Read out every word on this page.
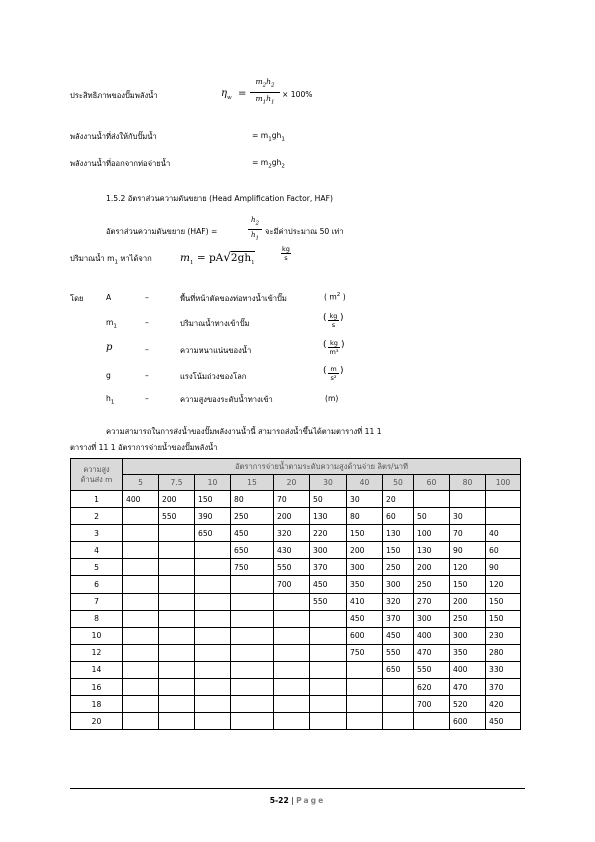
ประสิทธิภาพของปั๊มพลังน้ำ	$\eta_w$ =
$m_2h_2$
$m_1h_1$
× 100%
พลังงานน้ำที่ส่งให้กับปั๊มน้ำ	= $m_1gh_1$
พลังงานน้ำที่ออกจากท่อจ่ายน้ำ	= $m_2gh_2$
1.5.2 อัตราส่วนความดันขยาย (Head Amplification Factor, HAF)
อัตราส่วนความดันขยาย (HAF) =
$h_2$
$h_1$
จะมีค่าประมาณ 50 เท่า
ปริมาณน้ำ $m_1$ หาได้จาก	$m_1 = pA√2gh_1$
kg
s
โดย	A	–	พื้นที่หน้าตัดของท่อทางน้ำเข้าปั๊ม	( $m^2$ )
$m_1$	–	ปริมาณน้ำทางเข้าปั๊ม
( kg
s
)
p	–	ความหนาแน่นของน้ำ
( kg
m³
)
g	–	แรงโน้มถ่วงของโลก
( m
s²
)
$h_1$	–	ความสูงของระดับน้ำทางเข้า	(m)
ความสามารถในการส่งน้ำของปั๊มพลังงานน้ำนี้ สามารถส่งน้ำขึ้นได้ตามตารางที่ 11 1
ตารางที่ 11 1 อัตราการจ่ายน้ำของปั๊มพลังน้ำ
ความสูง
ด้านส่ง m	อัตราการจ่ายน้ำตามระดับความสูงด้านจ่าย ลิตร/นาที										
	5	7.5	10	15	20	30	40	50	60	80	100
1	400	200	150	80	70	50	30	20			
2		550	390	250	200	130	80	60	50	30	
3			650	450	320	220	150	130	100	70	40
4				650	430	300	200	150	130	90	60
5				750	550	370	300	250	200	120	90
6					700	450	350	300	250	150	120
7						550	410	320	270	200	150
8							450	370	300	250	150
10							600	450	400	300	230
12							750	550	470	350	280
14								650	550	400	330
16									620	470	370
18									700	520	420
20										600	450
5-22 | Page
